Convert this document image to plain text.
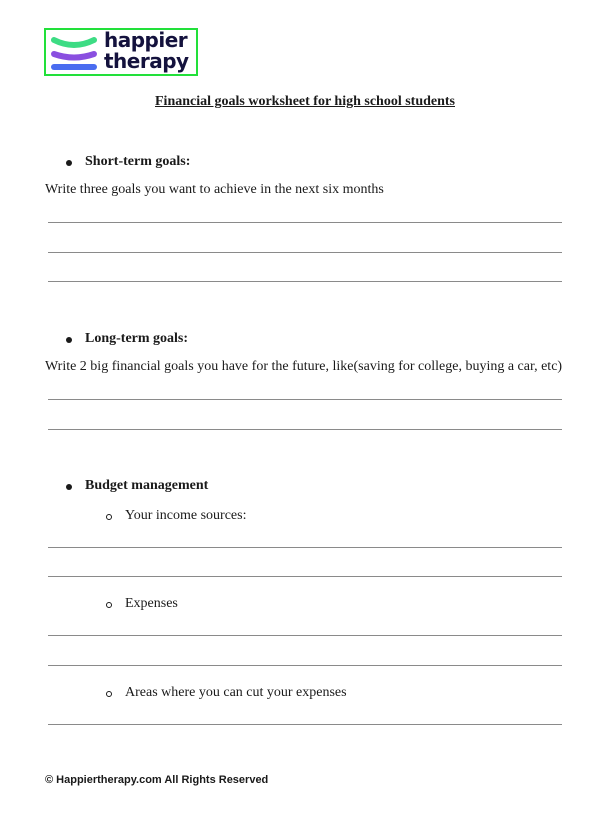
happier
therapy
Financial goals worksheet for high school students
Short-term goals:
Write three goals you want to achieve in the next six months
Long-term goals:
Write 2 big financial goals you have for the future, like(saving for college, buying a car, etc)
Budget management
Your income sources:
Expenses
Areas where you can cut your expenses
© Happiertherapy.com All Rights Reserved
